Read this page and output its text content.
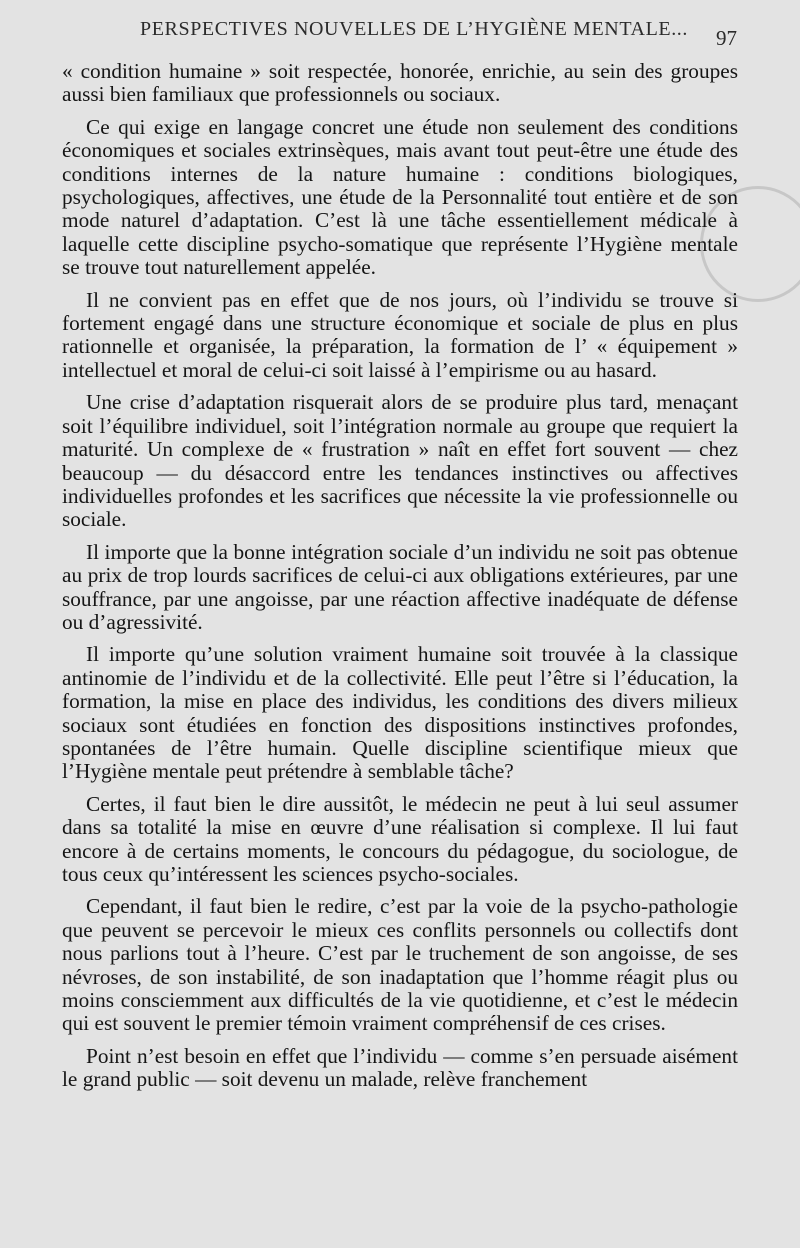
PERSPECTIVES NOUVELLES DE L’HYGIÈNE MENTALE... 97

« condition humaine » soit respectée, honorée, enrichie, au sein des groupes aussi bien familiaux que professionnels ou sociaux.

Ce qui exige en langage concret une étude non seulement des conditions économiques et sociales extrinsèques, mais avant tout peut-être une étude des conditions internes de la nature humaine : conditions biologiques, psychologiques, affectives, une étude de la Personnalité tout entière et de son mode naturel d’adaptation. C’est là une tâche essentiellement médicale à laquelle cette discipline psycho-somatique que représente l’Hygiène mentale se trouve tout naturellement appelée.

Il ne convient pas en effet que de nos jours, où l’individu se trouve si fortement engagé dans une structure économique et sociale de plus en plus rationnelle et organisée, la préparation, la formation de l’ « équipement » intellectuel et moral de celui-ci soit laissé à l’empirisme ou au hasard.

Une crise d’adaptation risquerait alors de se produire plus tard, menaçant soit l’équilibre individuel, soit l’intégration normale au groupe que requiert la maturité. Un complexe de « frustration » naît en effet fort souvent — chez beaucoup — du désaccord entre les tendances instinctives ou affectives individuelles profondes et les sacrifices que nécessite la vie professionnelle ou sociale.

Il importe que la bonne intégration sociale d’un individu ne soit pas obtenue au prix de trop lourds sacrifices de celui-ci aux obligations extérieures, par une souffrance, par une angoisse, par une réaction affective inadéquate de défense ou d’agressivité.

Il importe qu’une solution vraiment humaine soit trouvée à la classique antinomie de l’individu et de la collectivité. Elle peut l’être si l’éducation, la formation, la mise en place des individus, les conditions des divers milieux sociaux sont étudiées en fonction des dispositions instinctives profondes, spontanées de l’être humain. Quelle discipline scientifique mieux que l’Hygiène mentale peut prétendre à semblable tâche?

Certes, il faut bien le dire aussitôt, le médecin ne peut à lui seul assumer dans sa totalité la mise en œuvre d’une réalisation si complexe. Il lui faut encore à de certains moments, le concours du pédagogue, du sociologue, de tous ceux qu’intéressent les sciences psycho-sociales.

Cependant, il faut bien le redire, c’est par la voie de la psycho-pathologie que peuvent se percevoir le mieux ces conflits personnels ou collectifs dont nous parlions tout à l’heure. C’est par le truchement de son angoisse, de ses névroses, de son instabilité, de son inadaptation que l’homme réagit plus ou moins consciemment aux difficultés de la vie quotidienne, et c’est le médecin qui est souvent le premier témoin vraiment compréhensif de ces crises.

Point n’est besoin en effet que l’individu — comme s’en persuade aisément le grand public — soit devenu un malade, relève franchement
